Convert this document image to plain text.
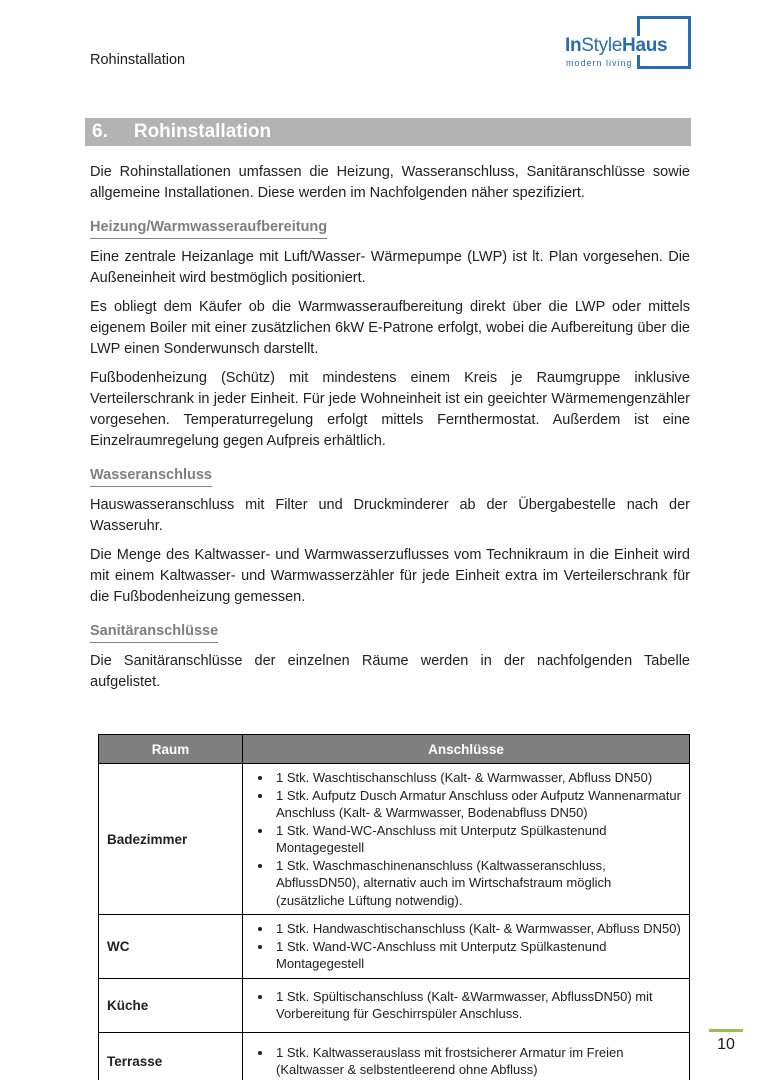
Rohinstallation
InStyleHaus
modern living
6. Rohinstallation

Die Rohinstallationen umfassen die Heizung, Wasseranschluss, Sanitäranschlüsse sowie allgemeine Installationen. Diese werden im Nachfolgenden näher spezifiziert.

Heizung/Warmwasseraufbereitung

Eine zentrale Heizanlage mit Luft/Wasser- Wärmepumpe (LWP) ist lt. Plan vorgesehen. Die Außeneinheit wird bestmöglich positioniert.

Es obliegt dem Käufer ob die Warmwasseraufbereitung direkt über die LWP oder mittels eigenem Boiler mit einer zusätzlichen 6kW E-Patrone erfolgt, wobei die Aufbereitung über die LWP einen Sonderwunsch darstellt.

Fußbodenheizung (Schütz) mit mindestens einem Kreis je Raumgruppe inklusive Verteilerschrank in jeder Einheit. Für jede Wohneinheit ist ein geeichter Wärmemengenzähler vorgesehen. Temperaturregelung erfolgt mittels Fernthermostat. Außerdem ist eine Einzelraumregelung gegen Aufpreis erhältlich.

Wasseranschluss

Hauswasseranschluss mit Filter und Druckminderer ab der Übergabestelle nach der Wasseruhr.

Die Menge des Kaltwasser- und Warmwasserzuflusses vom Technikraum in die Einheit wird mit einem Kaltwasser- und Warmwasserzähler für jede Einheit extra im Verteilerschrank für die Fußbodenheizung gemessen.

Sanitäranschlüsse

Die Sanitäranschlüsse der einzelnen Räume werden in der nachfolgenden Tabelle aufgelistet.

Raum	Anschlüsse
Badezimmer	
• 1 Stk. Waschtischanschluss (Kalt- & Warmwasser, Abfluss DN50)
• 1 Stk. Aufputz Dusch Armatur Anschluss oder Aufputz Wannenarmatur Anschluss (Kalt- & Warmwasser, Bodenabfluss DN50)
• 1 Stk. Wand-WC-Anschluss mit Unterputz Spülkastenund Montagegestell
• 1 Stk. Waschmaschinenanschluss (Kaltwasseranschluss, AbflussDN50), alternativ auch im Wirtschafstraum möglich (zusätzliche Lüftung notwendig).

WC	
• 1 Stk. Handwaschtischanschluss (Kalt- & Warmwasser, Abfluss DN50)
• 1 Stk. Wand-WC-Anschluss mit Unterputz Spülkastenund Montagegestell

Küche	
• 1 Stk. Spültischanschluss (Kalt- &Warmwasser, AbflussDN50) mit Vorbereitung für Geschirrspüler Anschluss.

Terrasse	
• 1 Stk. Kaltwasserauslass mit frostsicherer Armatur im Freien (Kaltwasser & selbstentleerend ohne Abfluss)
10
